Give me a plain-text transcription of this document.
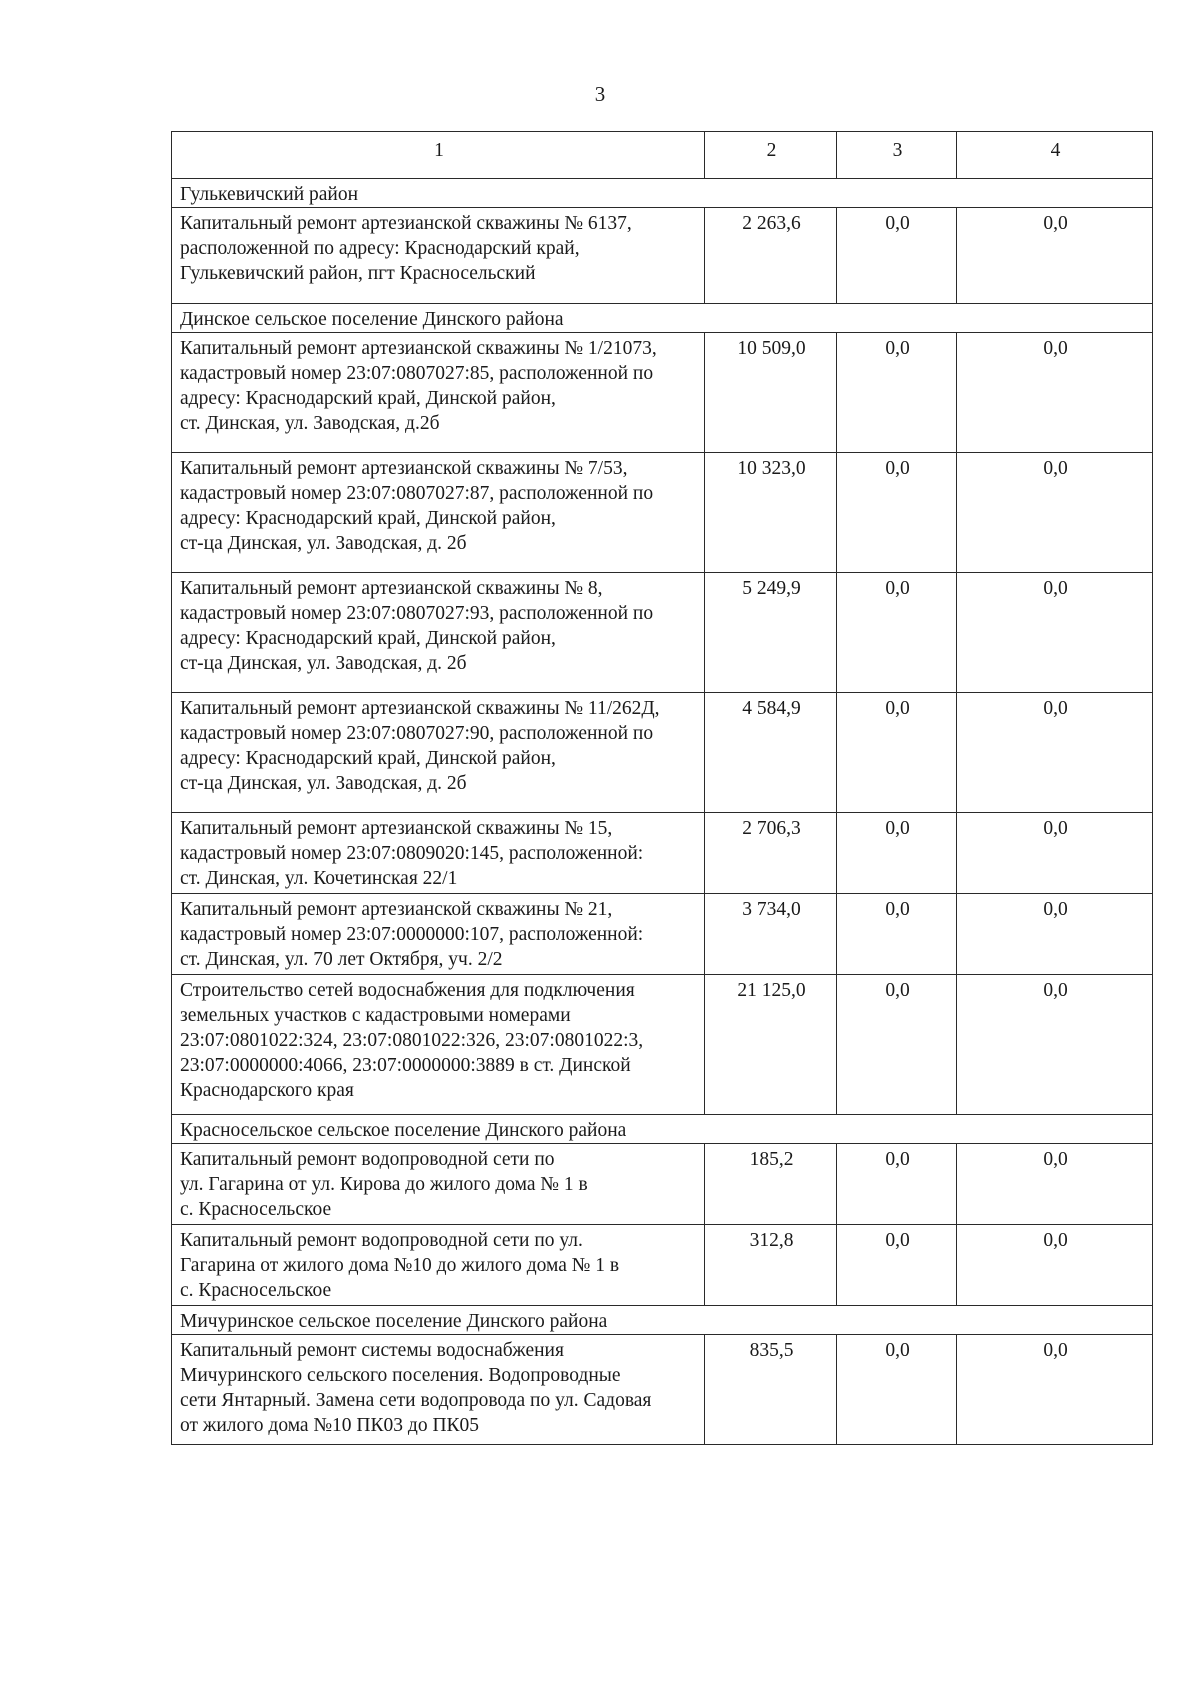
3
1	2	3	4
Гулькевичский район			
Капитальный ремонт артезианской скважины № 6137,
расположенной по адресу: Краснодарский край,
Гулькевичский район, пгт Красносельский	2 263,6	0,0	0,0
Динское сельское поселение Динского района			
Капитальный ремонт артезианской скважины № 1/21073,
кадастровый номер 23:07:0807027:85, расположенной по
адресу: Краснодарский край, Динской район,
ст. Динская, ул. Заводская, д.2б	10 509,0	0,0	0,0
Капитальный ремонт артезианской скважины № 7/53,
кадастровый номер 23:07:0807027:87, расположенной по
адресу: Краснодарский край, Динской район,
ст-ца Динская, ул. Заводская, д. 2б	10 323,0	0,0	0,0
Капитальный ремонт артезианской скважины № 8,
кадастровый номер 23:07:0807027:93, расположенной по
адресу: Краснодарский край, Динской район,
ст-ца Динская, ул. Заводская, д. 2б	5 249,9	0,0	0,0
Капитальный ремонт артезианской скважины № 11/262Д,
кадастровый номер 23:07:0807027:90, расположенной по
адресу: Краснодарский край, Динской район,
ст-ца Динская, ул. Заводская, д. 2б	4 584,9	0,0	0,0
Капитальный ремонт артезианской скважины № 15,
кадастровый номер 23:07:0809020:145, расположенной:
ст. Динская, ул. Кочетинская 22/1	2 706,3	0,0	0,0
Капитальный ремонт артезианской скважины № 21,
кадастровый номер 23:07:0000000:107, расположенной:
ст. Динская, ул. 70 лет Октября, уч. 2/2	3 734,0	0,0	0,0
Строительство сетей водоснабжения для подключения
земельных участков с кадастровыми номерами
23:07:0801022:324, 23:07:0801022:326, 23:07:0801022:3,
23:07:0000000:4066, 23:07:0000000:3889 в ст. Динской
Краснодарского края	21 125,0	0,0	0,0
Красносельское сельское поселение Динского района			
Капитальный ремонт водопроводной сети по
ул. Гагарина от ул. Кирова до жилого дома № 1 в
с. Красносельское	185,2	0,0	0,0
Капитальный ремонт водопроводной сети по ул.
Гагарина от жилого дома №10 до жилого дома № 1 в
с. Красносельское	312,8	0,0	0,0
Мичуринское сельское поселение Динского района			
Капитальный ремонт системы водоснабжения
Мичуринского сельского поселения. Водопроводные
сети Янтарный. Замена сети водопровода по ул. Садовая
от жилого дома №10 ПК03 до ПК05	835,5	0,0	0,0
